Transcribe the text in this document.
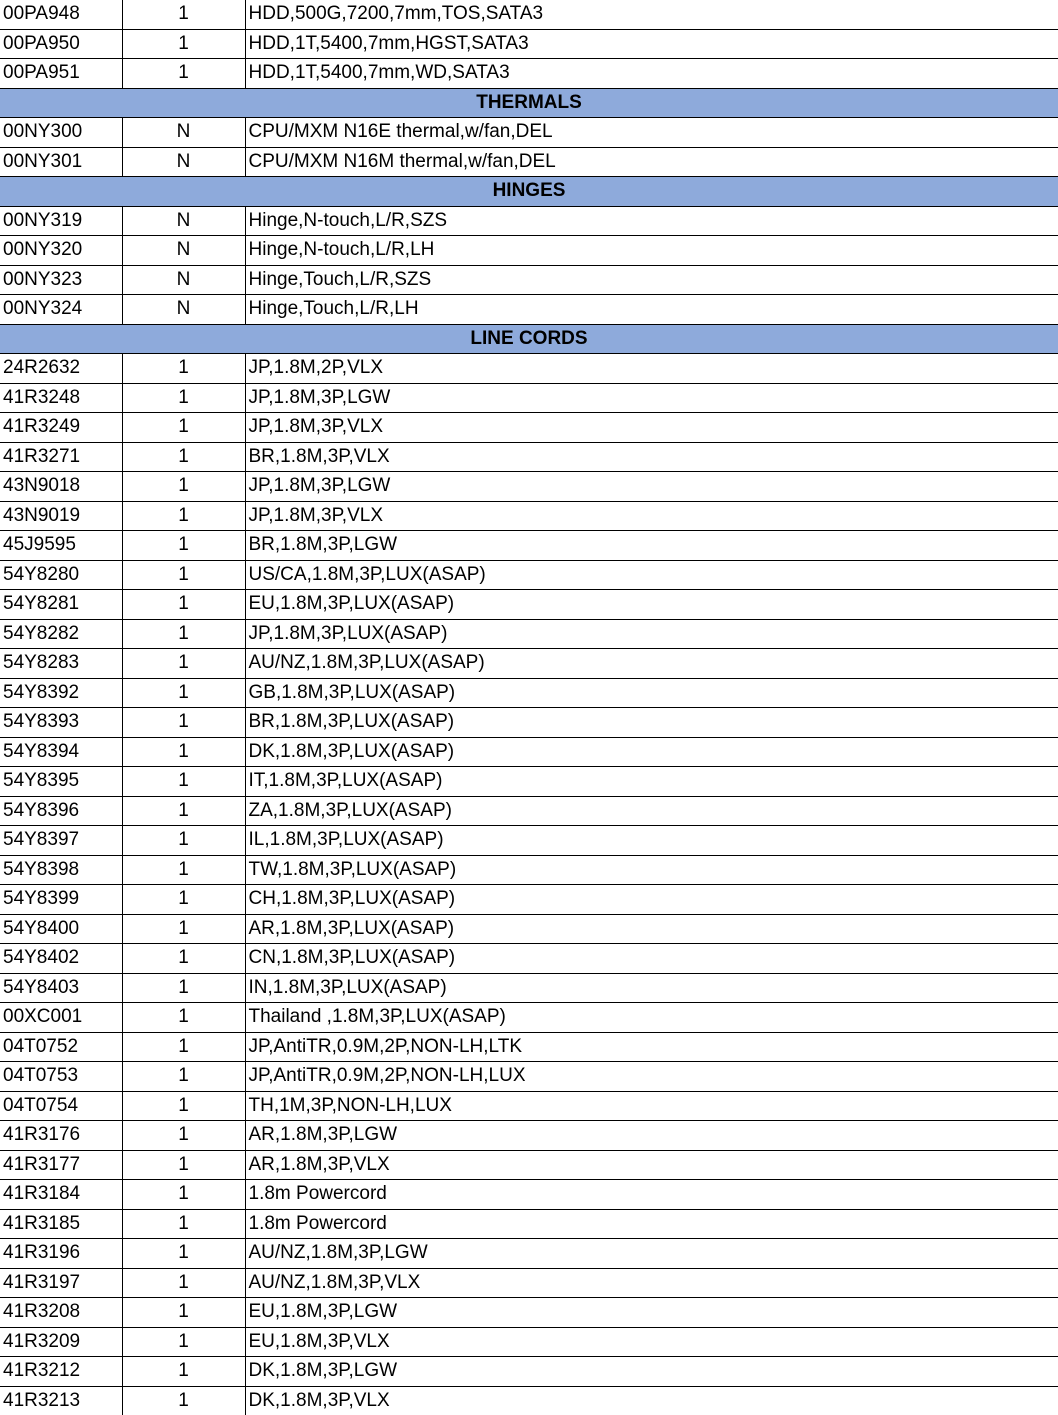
00PA948	1	HDD,500G,7200,7mm,TOS,SATA3
00PA950	1	HDD,1T,5400,7mm,HGST,SATA3
00PA951	1	HDD,1T,5400,7mm,WD,SATA3
THERMALS		
00NY300	N	CPU/MXM N16E thermal,w/fan,DEL
00NY301	N	CPU/MXM N16M thermal,w/fan,DEL
HINGES		
00NY319	N	Hinge,N-touch,L/R,SZS
00NY320	N	Hinge,N-touch,L/R,LH
00NY323	N	Hinge,Touch,L/R,SZS
00NY324	N	Hinge,Touch,L/R,LH
LINE CORDS		
24R2632	1	JP,1.8M,2P,VLX
41R3248	1	JP,1.8M,3P,LGW
41R3249	1	JP,1.8M,3P,VLX
41R3271	1	BR,1.8M,3P,VLX
43N9018	1	JP,1.8M,3P,LGW
43N9019	1	JP,1.8M,3P,VLX
45J9595	1	BR,1.8M,3P,LGW
54Y8280	1	US/CA,1.8M,3P,LUX(ASAP)
54Y8281	1	EU,1.8M,3P,LUX(ASAP)
54Y8282	1	JP,1.8M,3P,LUX(ASAP)
54Y8283	1	AU/NZ,1.8M,3P,LUX(ASAP)
54Y8392	1	GB,1.8M,3P,LUX(ASAP)
54Y8393	1	BR,1.8M,3P,LUX(ASAP)
54Y8394	1	DK,1.8M,3P,LUX(ASAP)
54Y8395	1	IT,1.8M,3P,LUX(ASAP)
54Y8396	1	ZA,1.8M,3P,LUX(ASAP)
54Y8397	1	IL,1.8M,3P,LUX(ASAP)
54Y8398	1	TW,1.8M,3P,LUX(ASAP)
54Y8399	1	CH,1.8M,3P,LUX(ASAP)
54Y8400	1	AR,1.8M,3P,LUX(ASAP)
54Y8402	1	CN,1.8M,3P,LUX(ASAP)
54Y8403	1	IN,1.8M,3P,LUX(ASAP)
00XC001	1	Thailand ,1.8M,3P,LUX(ASAP)
04T0752	1	JP,AntiTR,0.9M,2P,NON-LH,LTK
04T0753	1	JP,AntiTR,0.9M,2P,NON-LH,LUX
04T0754	1	TH,1M,3P,NON-LH,LUX
41R3176	1	AR,1.8M,3P,LGW
41R3177	1	AR,1.8M,3P,VLX
41R3184	1	1.8m Powercord
41R3185	1	1.8m Powercord
41R3196	1	AU/NZ,1.8M,3P,LGW
41R3197	1	AU/NZ,1.8M,3P,VLX
41R3208	1	EU,1.8M,3P,LGW
41R3209	1	EU,1.8M,3P,VLX
41R3212	1	DK,1.8M,3P,LGW
41R3213	1	DK,1.8M,3P,VLX
